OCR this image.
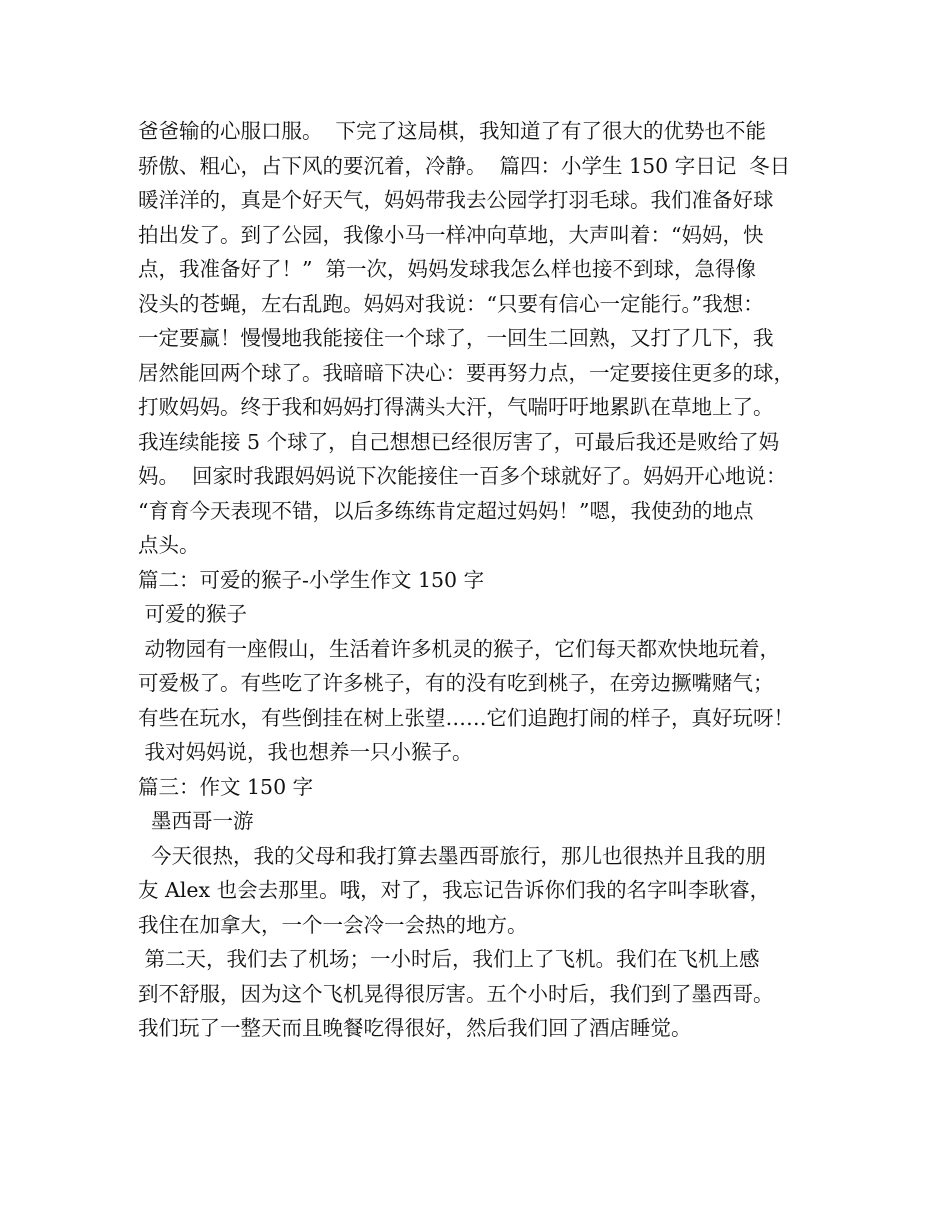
爸爸输的心服口服。  下完了这局棋，我知道了有了很大的优势也不能
骄傲、粗心，占下风的要沉着，冷静。  篇四：小学生 150 字日记  冬日
暖洋洋的，真是个好天气，妈妈带我去公园学打羽毛球。我们准备好球
拍出发了。到了公园，我像小马一样冲向草地，大声叫着：“妈妈，快
点，我准备好了！”  第一次，妈妈发球我怎么样也接不到球，急得像
没头的苍蝇，左右乱跑。妈妈对我说：“只要有信心一定能行。”我想：
一定要赢！慢慢地我能接住一个球了，一回生二回熟，又打了几下，我
居然能回两个球了。我暗暗下决心：要再努力点，一定要接住更多的球，
打败妈妈。终于我和妈妈打得满头大汗，气喘吁吁地累趴在草地上了。
我连续能接 5 个球了，自己想想已经很厉害了，可最后我还是败给了妈
妈。  回家时我跟妈妈说下次能接住一百多个球就好了。妈妈开心地说：
“育育今天表现不错，以后多练练肯定超过妈妈！”嗯，我使劲的地点
点头。
篇二：可爱的猴子-小学生作文 150 字
可爱的猴子
动物园有一座假山，生活着许多机灵的猴子，它们每天都欢快地玩着，
可爱极了。有些吃了许多桃子，有的没有吃到桃子，在旁边撅嘴赌气；
有些在玩水，有些倒挂在树上张望……它们追跑打闹的样子，真好玩呀！
我对妈妈说，我也想养一只小猴子。
篇三：作文 150 字
墨西哥一游
今天很热，我的父母和我打算去墨西哥旅行，那儿也很热并且我的朋
友 Alex 也会去那里。哦，对了，我忘记告诉你们我的名字叫李耿睿，
我住在加拿大，一个一会冷一会热的地方。
第二天，我们去了机场；一小时后，我们上了飞机。我们在飞机上感
到不舒服，因为这个飞机晃得很厉害。五个小时后，我们到了墨西哥。
我们玩了一整天而且晚餐吃得很好，然后我们回了酒店睡觉。
